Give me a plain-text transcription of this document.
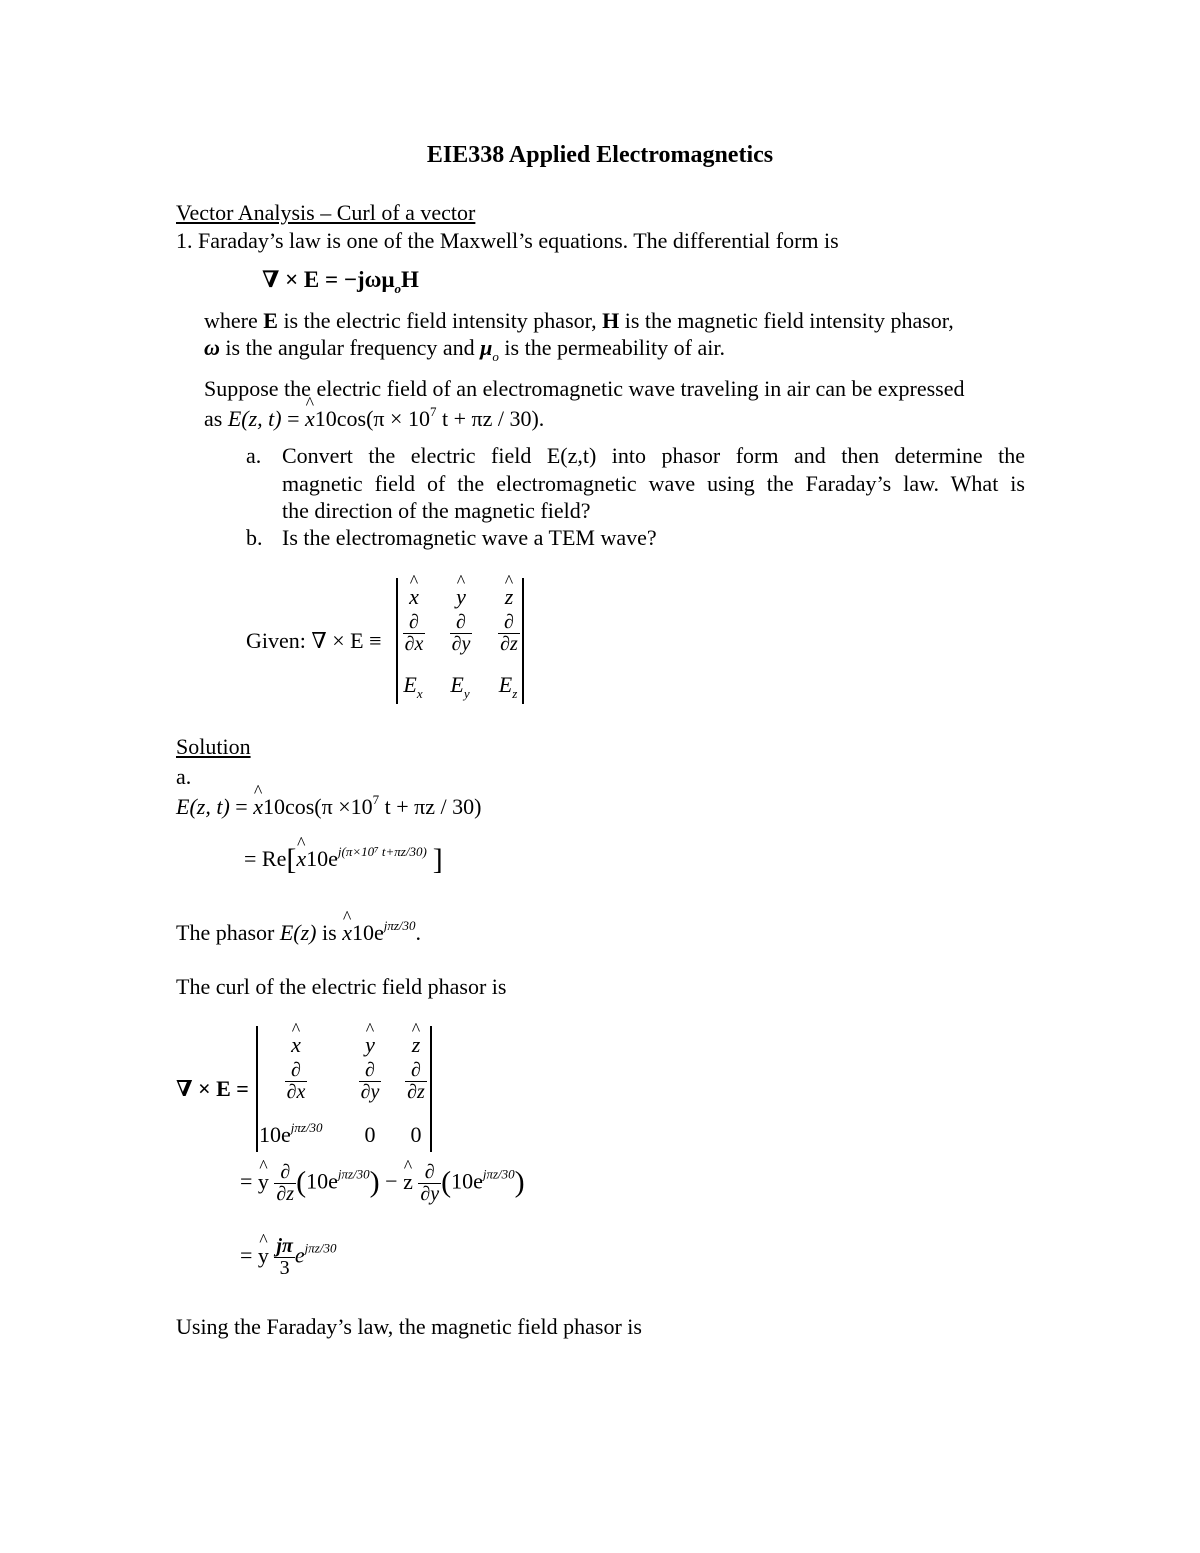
EIE338 Applied Electromagnetics
Vector Analysis – Curl of a vector
1. Faraday’s law is one of the Maxwell’s equations. The differential form is
∇ × E = −jωμ$_o$H
where E is the electric field intensity phasor, H is the magnetic field intensity phasor,
ω is the angular frequency and $\mu_o$ is the permeability of air.
Suppose the electric field of an electromagnetic wave traveling in air can be expressed
as E(z, t) = ^ $x10\cos(\pi \times 10^7$ t + πz / 30).
a. Convert the electric field E(z,t) into phasor form and then determine the
magnetic field of the electromagnetic wave using the Faraday’s law. What is
the direction of the magnetic field?
b. Is the electromagnetic wave a TEM wave?
Given: ∇ × E ≡
^ x	^ y	^ z
$\frac{\partial}{\partial x} \frac{\partial}{\partial y} \frac{\partial}{\partial z}$
$E_x$ $E_y$ $E_z$
Solution
a.
E(z, t) = ^ $x10\cos(\pi \times 10^7$ t + πz / 30)
= Re[^ $x10e^{j(\pi\times 10^7 t+\pi z/30)}$ ]
The phasor E(z) is ^ $x10e^{j\pi z/30}$.
The curl of the electric field phasor is
∇ × E =
^ x	^ y	^ z
$\frac{\partial}{\partial x}$	$\frac{\partial}{\partial y} \frac{\partial}{\partial z}$
$10e^{j\pi z/30}$	0	0
= ^ y $\frac{\partial}{\partial z} (10e^{j\pi z/30})$ − ^ z $\frac{\partial}{\partial y} (10e^{j\pi z/30})$
= ^ y $\frac{j\pi}{3} e^{j\pi z/30}$
Using the Faraday’s law, the magnetic field phasor is
